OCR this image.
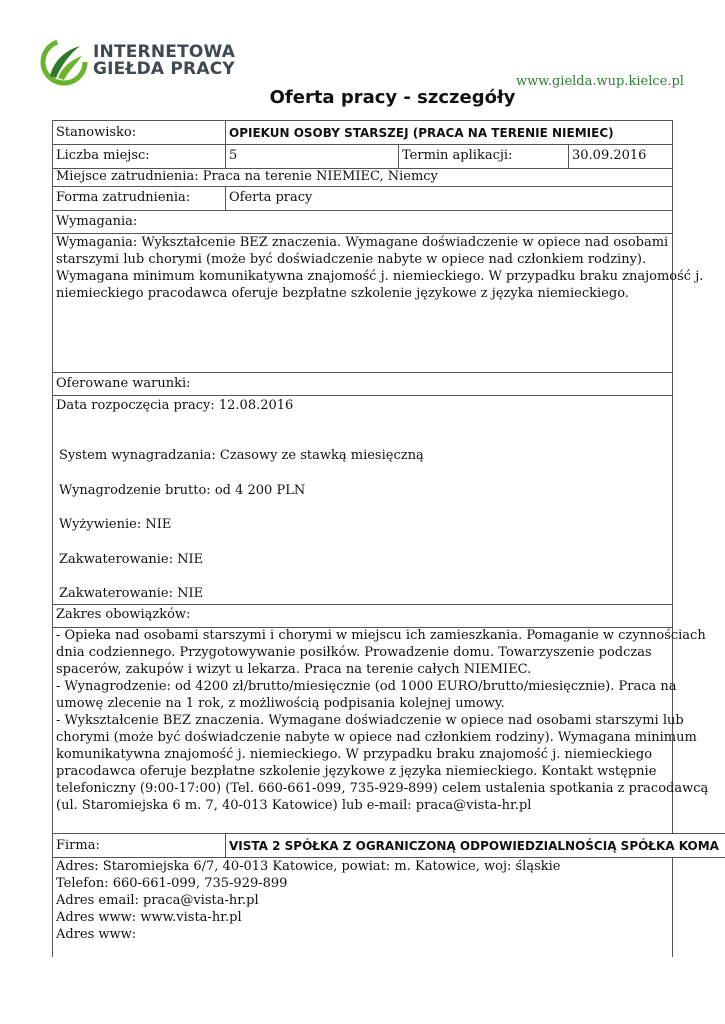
INTERNETOWA
GIEŁDA PRACY
www.gielda.wup.kielce.pl
Oferta pracy - szczegóły
Stanowisko:	OPIEKUN OSOBY STARSZEJ (PRACA NA TERENIE NIEMIEC)
Liczba miejsc:	5	Termin aplikacji:	30.09.2016
Miejsce zatrudnienia: Praca na terenie NIEMIEC, Niemcy
Forma zatrudnienia:	Oferta pracy
Wymagania:
Wymagania: Wykształcenie BEZ znaczenia. Wymagane doświadczenie w opiece nad osobami
starszymi lub chorymi (może być doświadczenie nabyte w opiece nad członkiem rodziny).
Wymagana minimum komunikatywna znajomość j. niemieckiego. W przypadku braku znajomość j.
niemieckiego pracodawca oferuje bezpłatne szkolenie językowe z języka niemieckiego.
Oferowane warunki:
Data rozpoczęcia pracy: 12.08.2016
System wynagradzania: Czasowy ze stawką miesięczną
Wynagrodzenie brutto: od 4 200 PLN
Wyżywienie: NIE
Zakwaterowanie: NIE
Zakwaterowanie: NIE
Zakres obowiązków:
- Opieka nad osobami starszymi i chorymi w miejscu ich zamieszkania. Pomaganie w czynnościach
dnia codziennego. Przygotowywanie posiłków. Prowadzenie domu. Towarzyszenie podczas
spacerów, zakupów i wizyt u lekarza. Praca na terenie całych NIEMIEC.
- Wynagrodzenie: od 4200 zł/brutto/miesięcznie (od 1000 EURO/brutto/miesięcznie). Praca na
umowę zlecenie na 1 rok, z możliwością podpisania kolejnej umowy.
- Wykształcenie BEZ znaczenia. Wymagane doświadczenie w opiece nad osobami starszymi lub
chorymi (może być doświadczenie nabyte w opiece nad członkiem rodziny). Wymagana minimum
komunikatywna znajomość j. niemieckiego. W przypadku braku znajomość j. niemieckiego
pracodawca oferuje bezpłatne szkolenie językowe z języka niemieckiego. Kontakt wstępnie
telefoniczny (9:00-17:00) (Tel. 660-661-099, 735-929-899) celem ustalenia spotkania z pracodawcą
(ul. Staromiejska 6 m. 7, 40-013 Katowice) lub e-mail: praca@vista-hr.pl
Firma:	VISTA 2 SPÓŁKA Z OGRANICZONĄ ODPOWIEDZIALNOŚCIĄ SPÓŁKA KOMA
Adres: Staromiejska 6/7, 40-013 Katowice, powiat: m. Katowice, woj: śląskie
Telefon: 660-661-099, 735-929-899
Adres email: praca@vista-hr.pl
Adres www: www.vista-hr.pl
Adres www:
